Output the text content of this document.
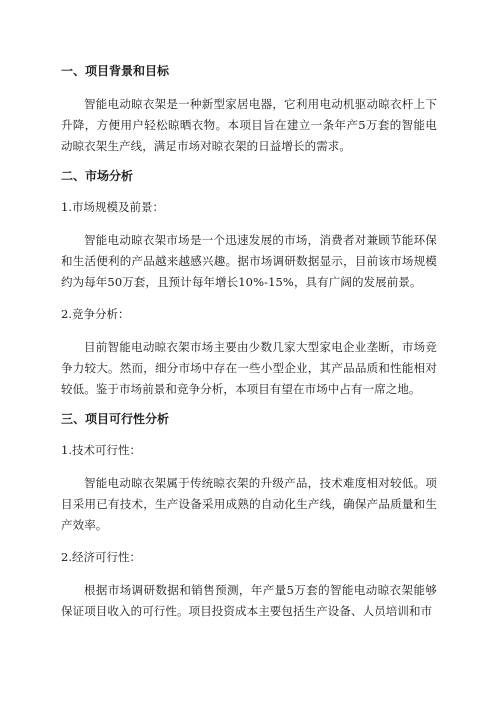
一、项目背景和目标

智能电动晾衣架是一种新型家居电器，它利用电动机驱动晾衣杆上下升降，方便用户轻松晾晒衣物。本项目旨在建立一条年产5万套的智能电动晾衣架生产线，满足市场对晾衣架的日益增长的需求。

二、市场分析

1.市场规模及前景：

智能电动晾衣架市场是一个迅速发展的市场，消费者对兼顾节能环保和生活便利的产品越来越感兴趣。据市场调研数据显示，目前该市场规模约为每年50万套，且预计每年增长10%-15%，具有广阔的发展前景。

2.竞争分析：

目前智能电动晾衣架市场主要由少数几家大型家电企业垄断，市场竞争力较大。然而，细分市场中存在一些小型企业，其产品品质和性能相对较低。鉴于市场前景和竞争分析，本项目有望在市场中占有一席之地。

三、项目可行性分析

1.技术可行性：

智能电动晾衣架属于传统晾衣架的升级产品，技术难度相对较低。项目采用已有技术，生产设备采用成熟的自动化生产线，确保产品质量和生产效率。

2.经济可行性：

根据市场调研数据和销售预测，年产量5万套的智能电动晾衣架能够保证项目收入的可行性。项目投资成本主要包括生产设备、人员培训和市
